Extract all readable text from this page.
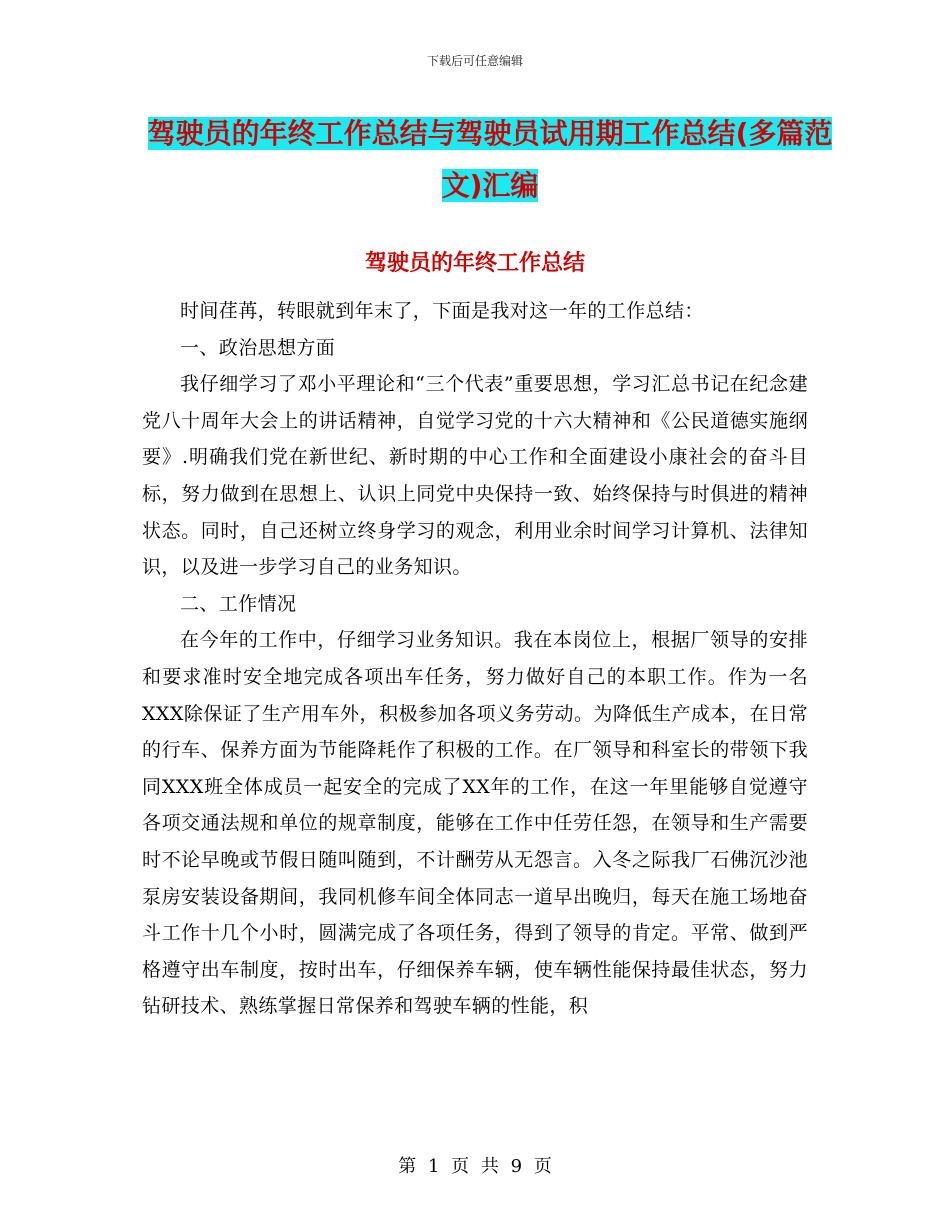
下载后可任意编辑
驾驶员的年终工作总结与驾驶员试用期工作总结(多篇范文)汇编
驾驶员的年终工作总结

时间荏苒，转眼就到年末了，下面是我对这一年的工作总结：

一、政治思想方面

我仔细学习了邓小平理论和“三个代表”重要思想，学习汇总书记在纪念建党八十周年大会上的讲话精神，自觉学习党的十六大精神和《公民道德实施纲要》.明确我们党在新世纪、新时期的中心工作和全面建设小康社会的奋斗目标，努力做到在思想上、认识上同党中央保持一致、始终保持与时俱进的精神状态。同时，自己还树立终身学习的观念，利用业余时间学习计算机、法律知识，以及进一步学习自己的业务知识。

二、工作情况

在今年的工作中，仔细学习业务知识。我在本岗位上，根据厂领导的安排和要求准时安全地完成各项出车任务，努力做好自己的本职工作。作为一名XXX除保证了生产用车外，积极参加各项义务劳动。为降低生产成本，在日常的行车、保养方面为节能降耗作了积极的工作。在厂领导和科室长的带领下我同XXX班全体成员一起安全的完成了XX年的工作，在这一年里能够自觉遵守各项交通法规和单位的规章制度，能够在工作中任劳任怨，在领导和生产需要时不论早晚或节假日随叫随到，不计酬劳从无怨言。入冬之际我厂石佛沉沙池泵房安装设备期间，我同机修车间全体同志一道早出晚归，每天在施工场地奋斗工作十几个小时，圆满完成了各项任务，得到了领导的肯定。平常、做到严格遵守出车制度，按时出车，仔细保养车辆，使车辆性能保持最佳状态，努力钻研技术、熟练掌握日常保养和驾驶车辆的性能，积

第 1 页 共 9 页
